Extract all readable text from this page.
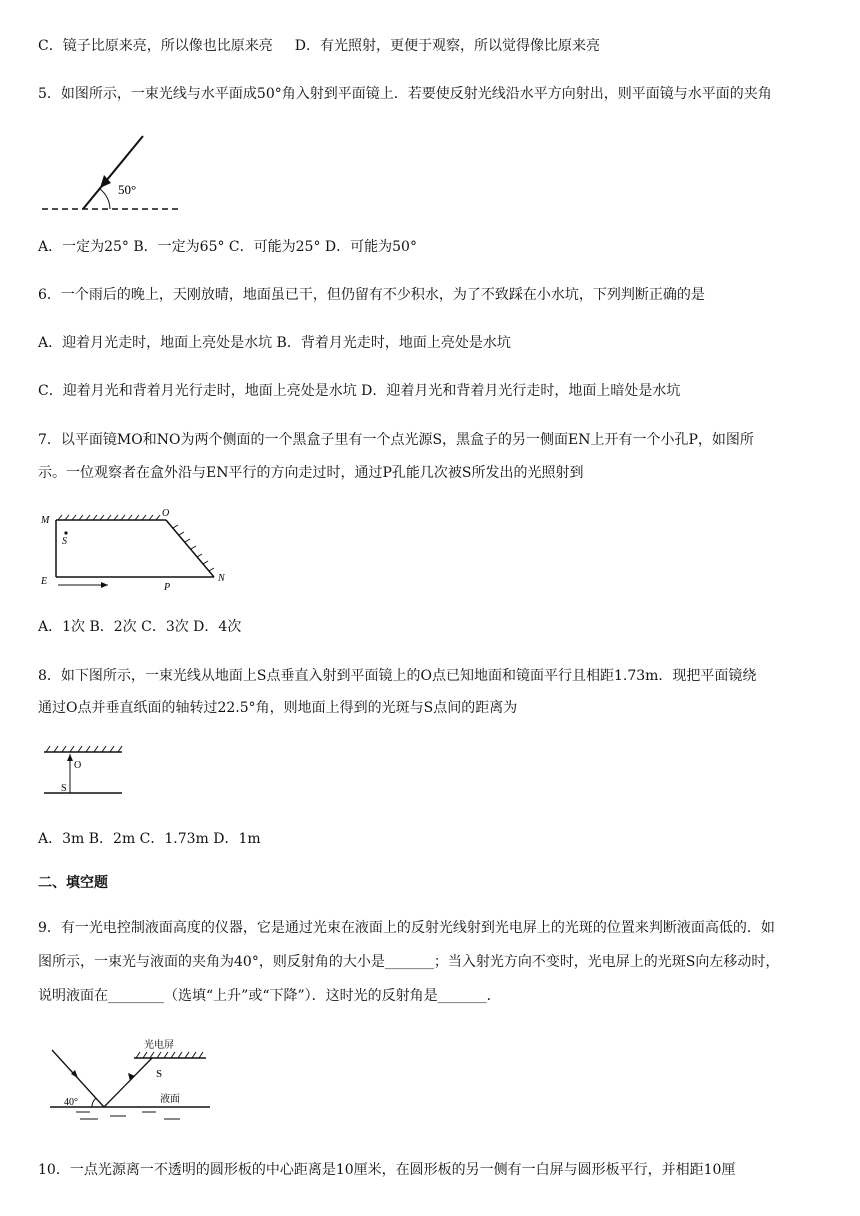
C．镜子比原来亮，所以像也比原来亮 D．有光照射，更便于观察，所以觉得像比原来亮
5．如图所示，一束光线与水平面成50°角入射到平面镜上．若要使反射光线沿水平方向射出，则平面镜与水平面的夹角
50°
A．一定为25° B．一定为65° C．可能为25° D．可能为50°
6．一个雨后的晚上，天刚放晴，地面虽已干，但仍留有不少积水，为了不致踩在小水坑，下列判断正确的是
A．迎着月光走时，地面上亮处是水坑 B．背着月光走时，地面上亮处是水坑
C．迎着月光和背着月光行走时，地面上亮处是水坑 D．迎着月光和背着月光行走时，地面上暗处是水坑
7．以平面镜MO和NO为两个侧面的一个黑盒子里有一个点光源S，黑盒子的另一侧面EN上开有一个小孔P，如图所
示。一位观察者在盒外沿与EN平行的方向走过时，通过P孔能几次被S所发出的光照射到
M
O
S
E
P
N
A．1次 B．2次 C．3次 D．4次
8．如下图所示，一束光线从地面上S点垂直入射到平面镜上的O点已知地面和镜面平行且相距1.73m．现把平面镜绕
通过O点并垂直纸面的轴转过22.5°角，则地面上得到的光斑与S点间的距离为
O
S
A．3m B．2m C．1.73m D．1m
二、填空题
9．有一光电控制液面高度的仪器，它是通过光束在液面上的反射光线射到光电屏上的光斑的位置来判断液面高低的．如
图所示，一束光与液面的夹角为40°，则反射角的大小是_______；当入射光方向不变时，光电屏上的光斑S向左移动时，
说明液面在________（选填“上升”或“下降”）．这时光的反射角是_______．
40°
光电屏
S
液面
10．一点光源离一不透明的圆形板的中心距离是10厘米，在圆形板的另一侧有一白屏与圆形板平行，并相距10厘
